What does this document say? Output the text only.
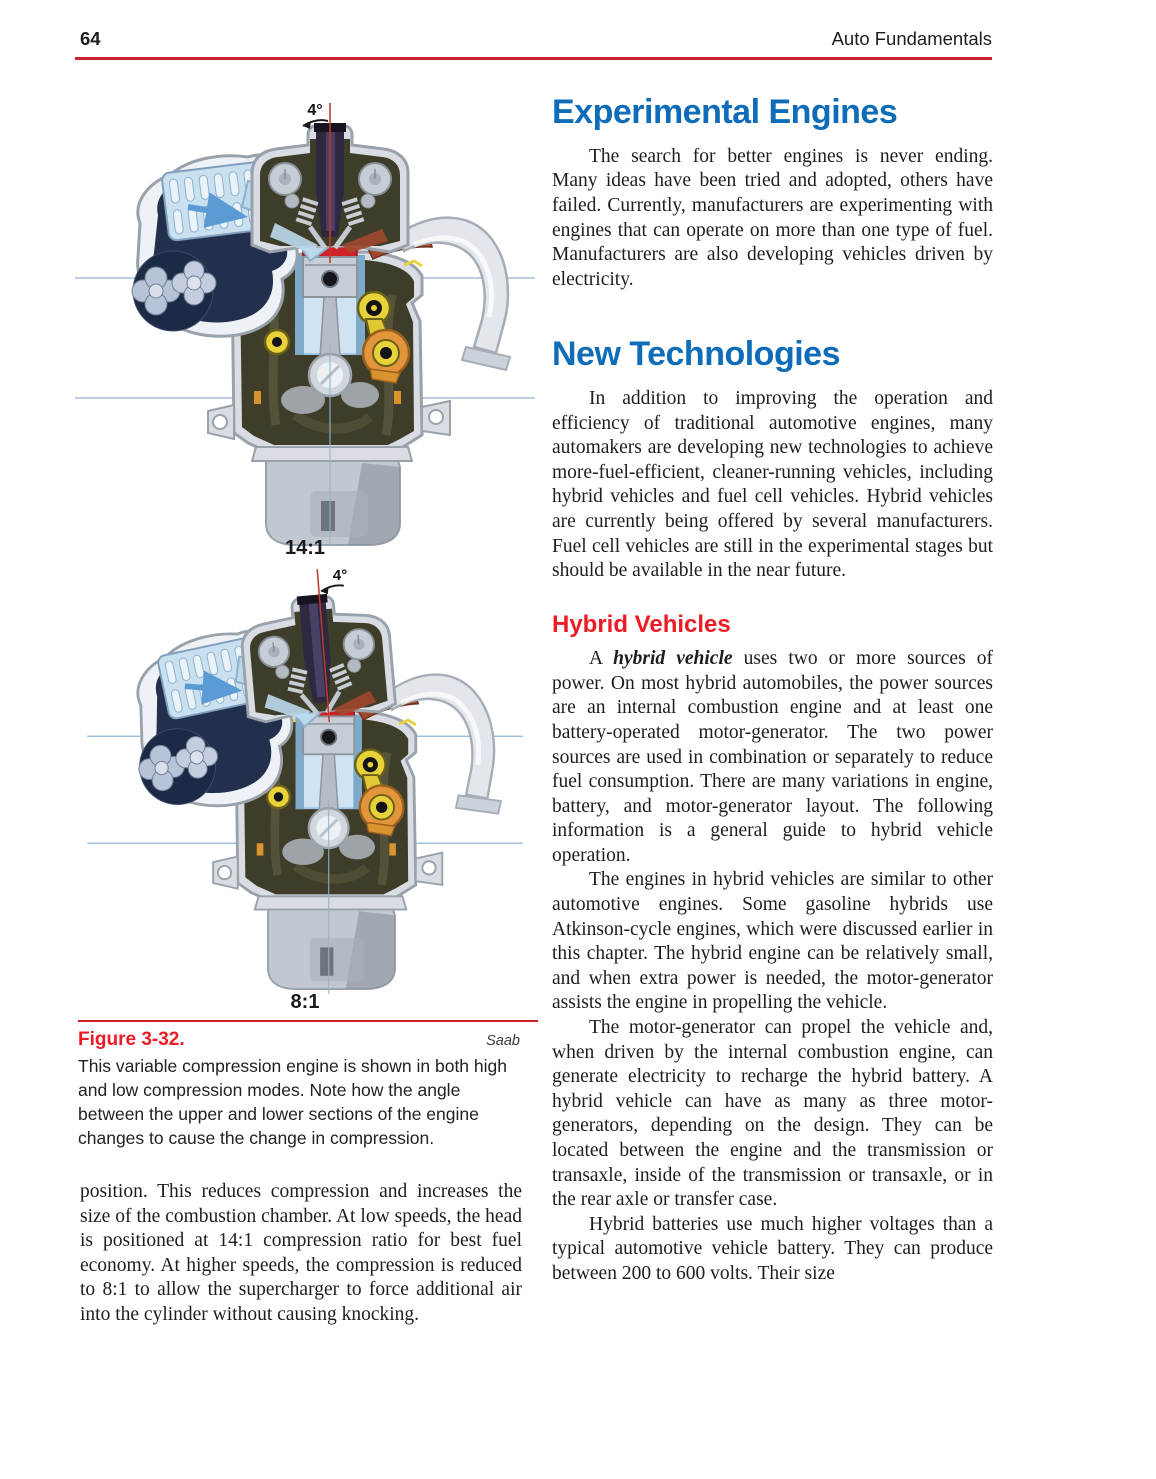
64	Auto Fundamentals
4°
14:1
4°
8:1
Figure 3-32.	Saab
This variable compression engine is shown in both high and low compression modes. Note how the angle between the upper and lower sections of the engine changes to cause the change in compression.

position. This reduces compression and increases the size of the combustion chamber. At low speeds, the head is positioned at 14:1 compression ratio for best fuel economy. At higher speeds, the compression is reduced to 8:1 to allow the supercharger to force additional air into the cylinder without causing knocking.

Experimental Engines

The search for better engines is never ending. Many ideas have been tried and adopted, others have failed. Currently, manufacturers are experimenting with engines that can operate on more than one type of fuel. Manufacturers are also developing vehicles driven by electricity.

New Technologies

In addition to improving the operation and efficiency of traditional automotive engines, many automakers are developing new technologies to achieve more-fuel-efficient, cleaner-running vehicles, including hybrid vehicles and fuel cell vehicles. Hybrid vehicles are currently being offered by several manufacturers. Fuel cell vehicles are still in the experimental stages but should be available in the near future.

Hybrid Vehicles

A hybrid vehicle uses two or more sources of power. On most hybrid automobiles, the power sources are an internal combustion engine and at least one battery-operated motor-generator. The two power sources are used in combination or separately to reduce fuel consumption. There are many variations in engine, battery, and motor-generator layout. The following information is a general guide to hybrid vehicle operation.

The engines in hybrid vehicles are similar to other automotive engines. Some gasoline hybrids use Atkinson-cycle engines, which were discussed earlier in this chapter. The hybrid engine can be relatively small, and when extra power is needed, the motor-generator assists the engine in propelling the vehicle.

The motor-generator can propel the vehicle and, when driven by the internal combustion engine, can generate electricity to recharge the hybrid battery. A hybrid vehicle can have as many as three motor-generators, depending on the design. They can be located between the engine and the transmission or transaxle, inside of the transmission or transaxle, or in the rear axle or transfer case.

Hybrid batteries use much higher voltages than a typical automotive vehicle battery. They can produce between 200 to 600 volts. Their size
